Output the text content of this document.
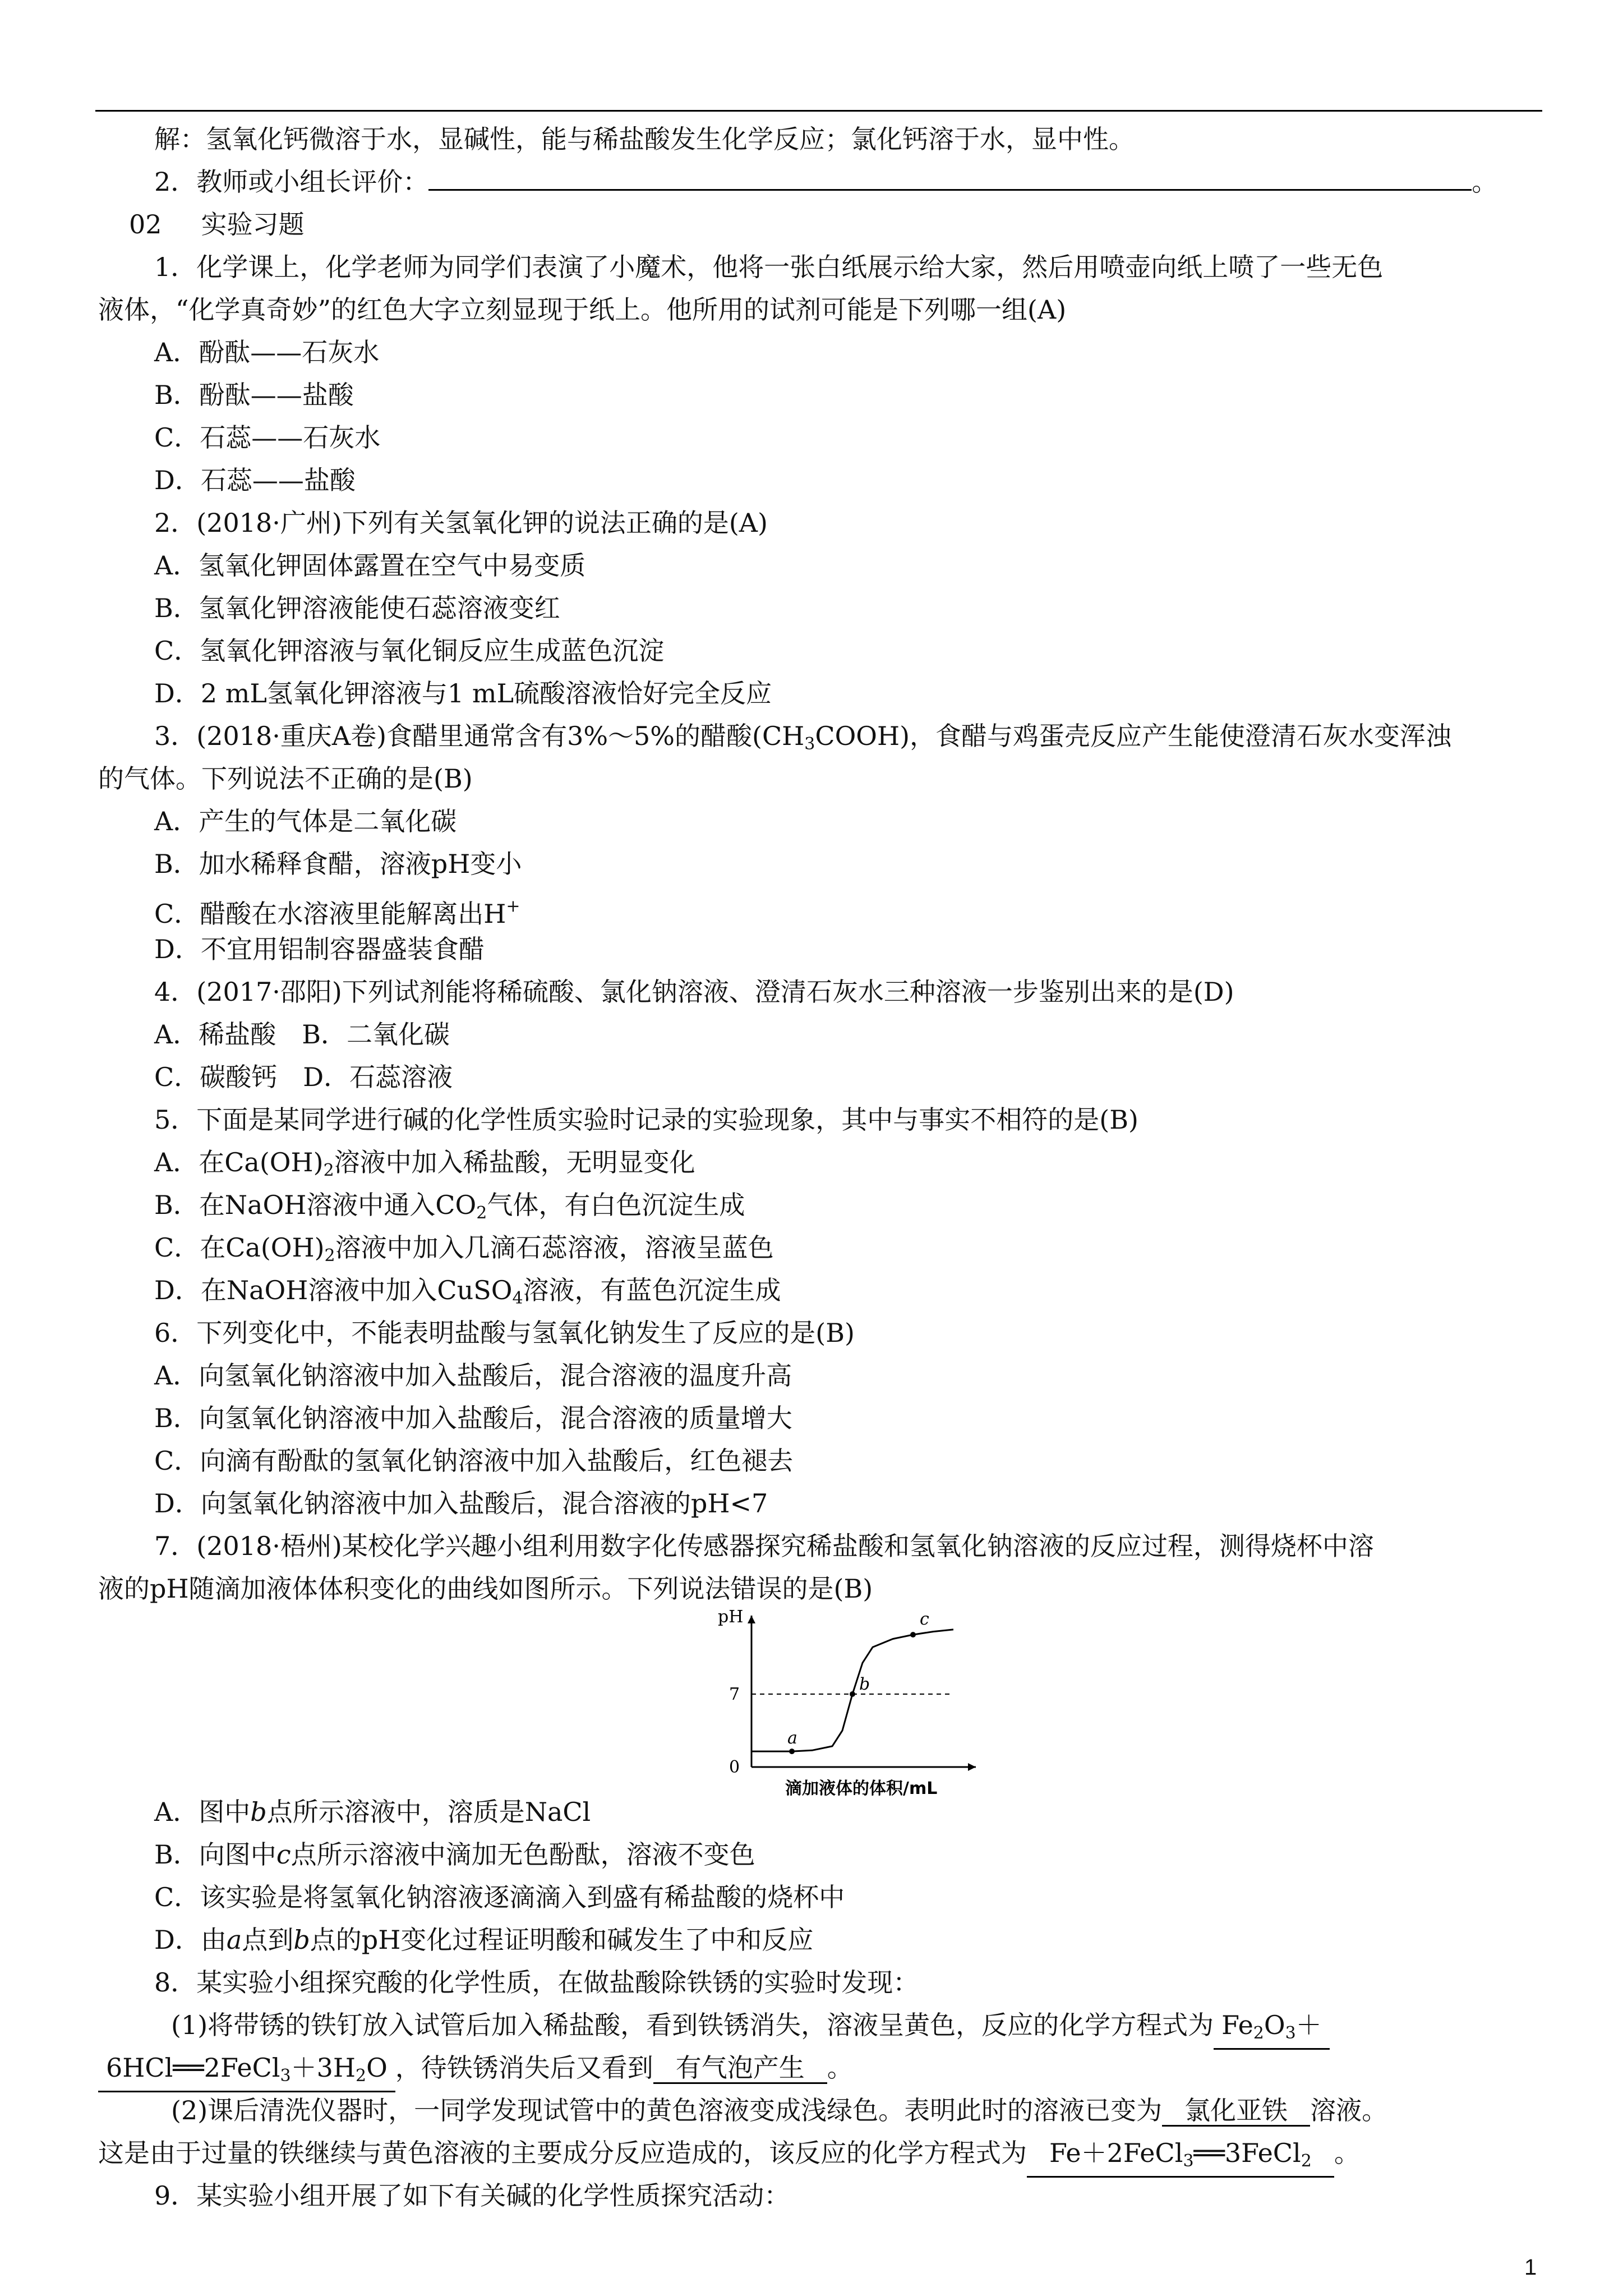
解：氢氧化钙微溶于水，显碱性，能与稀盐酸发生化学反应；氯化钙溶于水，显中性。

2．教师或小组长评价：	。

02 实验习题

1．化学课上，化学老师为同学们表演了小魔术，他将一张白纸展示给大家，然后用喷壶向纸上喷了一些无色

液体，“化学真奇妙”的红色大字立刻显现于纸上。他所用的试剂可能是下列哪一组(A)

A．酚酞——石灰水

B．酚酞——盐酸

C．石蕊——石灰水

D．石蕊——盐酸

2．(2018·广州)下列有关氢氧化钾的说法正确的是(A)

A．氢氧化钾固体露置在空气中易变质

B．氢氧化钾溶液能使石蕊溶液变红

C．氢氧化钾溶液与氧化铜反应生成蓝色沉淀

D．2 mL氢氧化钾溶液与1 mL硫酸溶液恰好完全反应

3．(2018·重庆A卷)食醋里通常含有3%～5%的醋酸$(CH_3COOH)$，食醋与鸡蛋壳反应产生能使澄清石灰水变浑浊

的气体。下列说法不正确的是(B)

A．产生的气体是二氧化碳

B．加水稀释食醋，溶液pH变小

C．醋酸在水溶液里能解离出H+

D．不宜用铝制容器盛装食醋

4．(2017·邵阳)下列试剂能将稀硫酸、氯化钠溶液、澄清石灰水三种溶液一步鉴别出来的是(D)

A．稀盐酸　B．二氧化碳

C．碳酸钙　D．石蕊溶液

5．下面是某同学进行碱的化学性质实验时记录的实验现象，其中与事实不相符的是(B)

A．在$Ca(OH)_2$溶液中加入稀盐酸，无明显变化

B．在NaOH溶液中通入$CO_2$气体，有白色沉淀生成

C．在$Ca(OH)_2$溶液中加入几滴石蕊溶液，溶液呈蓝色

D．在NaOH溶液中加入CuSO$_4$溶液，有蓝色沉淀生成

6．下列变化中，不能表明盐酸与氢氧化钠发生了反应的是(B)

A．向氢氧化钠溶液中加入盐酸后，混合溶液的温度升高

B．向氢氧化钠溶液中加入盐酸后，混合溶液的质量增大

C．向滴有酚酞的氢氧化钠溶液中加入盐酸后，红色褪去

D．向氢氧化钠溶液中加入盐酸后，混合溶液的pH<7

7．(2018·梧州)某校化学兴趣小组利用数字化传感器探究稀盐酸和氢氧化钠溶液的反应过程，测得烧杯中溶

液的pH随滴加液体体积变化的曲线如图所示。下列说法错误的是(B)

pH
滴加液体的体积/mL
7
0
a
b
c

A．图中b点所示溶液中，溶质是NaCl

B．向图中c点所示溶液中滴加无色酚酞，溶液不变色

C．该实验是将氢氧化钠溶液逐滴滴入到盛有稀盐酸的烧杯中

D．由a点到b点的pH变化过程证明酸和碱发生了中和反应

8．某实验小组探究酸的化学性质，在做盐酸除铁锈的实验时发现：

(1)将带锈的铁钉放入试管后加入稀盐酸，看到铁锈消失，溶液呈黄色，反应的化学方程式为 $Fe_2O_3+$

$6HCl══2FeCl_3+3H_2O$ ，待铁锈消失后又看到 有气泡产生 。

(2)课后清洗仪器时，一同学发现试管中的黄色溶液变成浅绿色。表明此时的溶液已变为 氯化亚铁 溶液。

这是由于过量的铁继续与黄色溶液的主要成分反应造成的，该反应的化学方程式为 Fe＋2FeCl$_3$══3FeCl$_2$ 。

9．某实验小组开展了如下有关碱的化学性质探究活动：

1
